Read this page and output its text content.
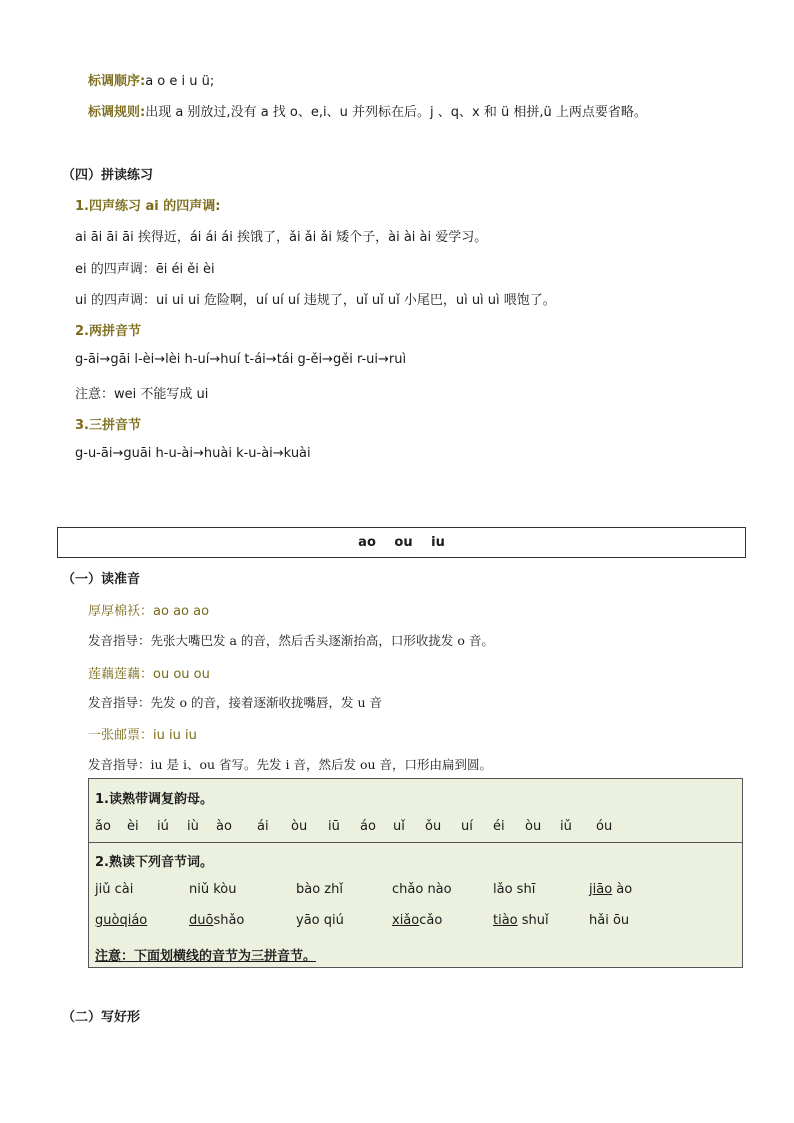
标调顺序:a o e i u ü;
标调规则:出现 a 别放过,没有 a 找 o、e,i、u 并列标在后。j 、q、x 和 ü 相拼,ü 上两点要省略。
（四）拼读练习
1.四声练习 ai 的四声调:
ai āi āi āi 挨得近，ái ái ái 挨饿了，ǎi ǎi ǎi 矮个子，ài ài ài 爱学习。
ei 的四声调：ēi éi ěi èi
ui 的四声调：ui ui ui 危险啊，uí uí uí 违规了，uǐ uǐ uǐ 小尾巴，uì uì uì 喂饱了。
2.两拼音节
g-āi→gāi l-èi→lèi h-uí→huí t-ái→tái g-ěi→gěi r-ui→ruì
注意：wei 不能写成 ui
3.三拼音节
g-u-āi→guāi h-u-ài→huài k-u-ài→kuài
ao ou iu
（一）读准音
厚厚棉袄：ao ao ao
发音指导：先张大嘴巴发 a 的音，然后舌头逐渐抬高，口形收拢发 o 音。
莲藕莲藕：ou ou ou
发音指导：先发 o 的音，接着逐渐收拢嘴唇，发 u 音
一张邮票：iu iu iu
发音指导：iu 是 i、ou 省写。先发 i 音，然后发 ou 音，口形由扁到圆。
1.读熟带调复韵母。
ǎo èi iú iù ào ái òu iū áo uǐ ǒu uí éi òu iǔ óu
2.熟读下列音节词。
注意：下面划横线的音节为三拼音节。
jiǔ cài	niǔ kòu	bào zhǐ	chǎo nào	lǎo shī	jiāo ào
guòqiáo	duōshǎo	yāo qiú	xiǎocǎo	tiào shuǐ	hǎi ōu
（二）写好形
